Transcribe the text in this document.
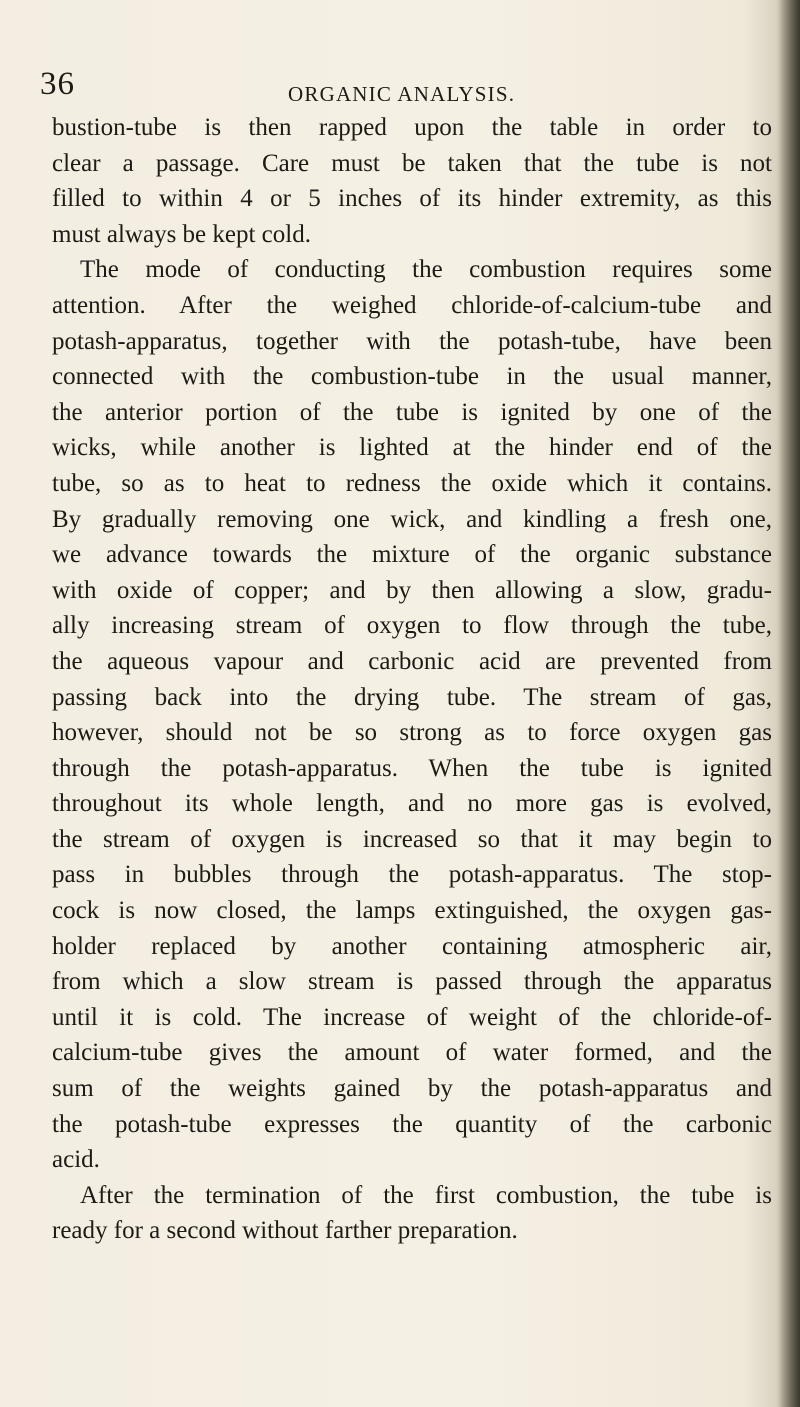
36	ORGANIC ANALYSIS.
bustion-tube is then rapped upon the table in order to
clear a passage. Care must be taken that the tube is not
filled to within 4 or 5 inches of its hinder extremity, as this
must always be kept cold.
The mode of conducting the combustion requires some
attention. After the weighed chloride-of-calcium-tube and
potash-apparatus, together with the potash-tube, have been
connected with the combustion-tube in the usual manner,
the anterior portion of the tube is ignited by one of the
wicks, while another is lighted at the hinder end of the
tube, so as to heat to redness the oxide which it contains.
By gradually removing one wick, and kindling a fresh one,
we advance towards the mixture of the organic substance
with oxide of copper; and by then allowing a slow, gradu-
ally increasing stream of oxygen to flow through the tube,
the aqueous vapour and carbonic acid are prevented from
passing back into the drying tube. The stream of gas,
however, should not be so strong as to force oxygen gas
through the potash-apparatus. When the tube is ignited
throughout its whole length, and no more gas is evolved,
the stream of oxygen is increased so that it may begin to
pass in bubbles through the potash-apparatus. The stop-
cock is now closed, the lamps extinguished, the oxygen gas-
holder replaced by another containing atmospheric air,
from which a slow stream is passed through the apparatus
until it is cold. The increase of weight of the chloride-of-
calcium-tube gives the amount of water formed, and the
sum of the weights gained by the potash-apparatus and
the potash-tube expresses the quantity of the carbonic
acid.
After the termination of the first combustion, the tube is
ready for a second without farther preparation.
